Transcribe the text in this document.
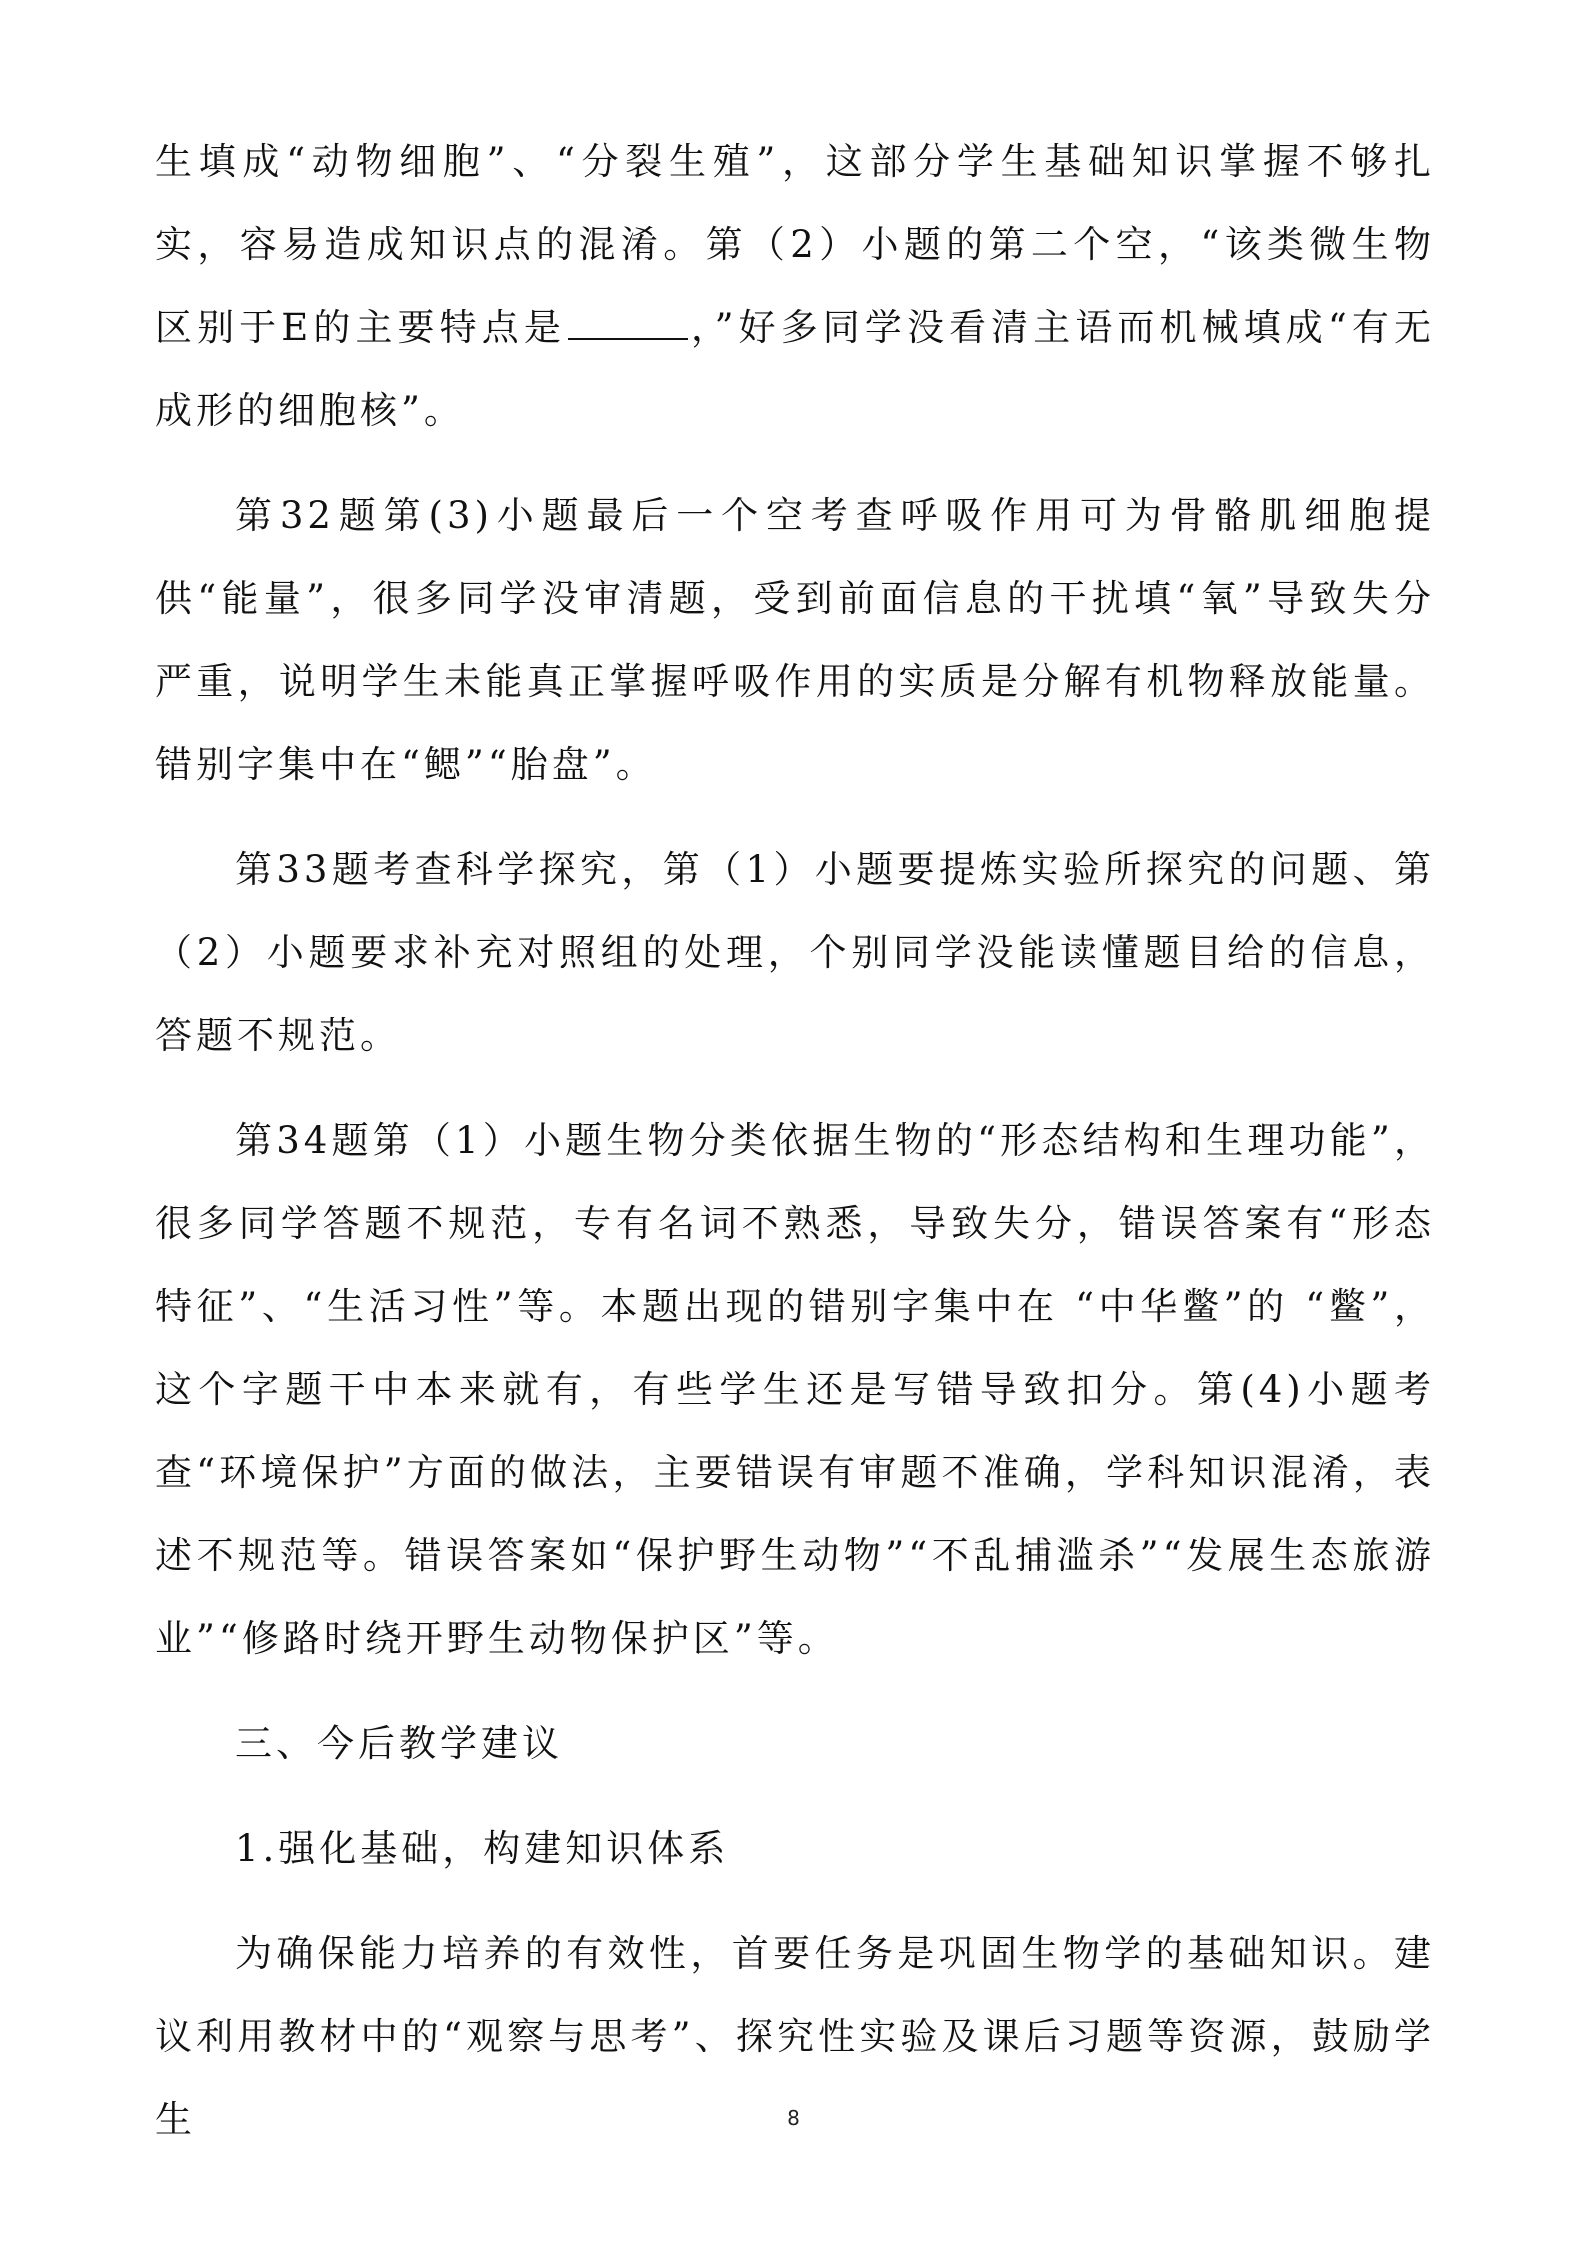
生填成“动物细胞”、“分裂生殖”，这部分学生基础知识掌握不够扎实，容易造成知识点的混淆。第（2）小题的第二个空，“该类微生物区别于E的主要特点是	，”好多同学没看清主语而机械填成“有无成形的细胞核”。

第32题第(3)小题最后一个空考查呼吸作用可为骨骼肌细胞提供“能量”，很多同学没审清题，受到前面信息的干扰填“氧”导致失分严重，说明学生未能真正掌握呼吸作用的实质是分解有机物释放能量。错别字集中在“鳃”“胎盘”。

第33题考查科学探究，第（1）小题要提炼实验所探究的问题、第（2）小题要求补充对照组的处理，个别同学没能读懂题目给的信息，答题不规范。

第34题第（1）小题生物分类依据生物的“形态结构和生理功能”，很多同学答题不规范，专有名词不熟悉，导致失分，错误答案有“形态特征”、“生活习性”等。本题出现的错别字集中在 “中华鳖”的 “鳖”，这个字题干中本来就有，有些学生还是写错导致扣分。第(4)小题考查“环境保护”方面的做法，主要错误有审题不准确，学科知识混淆，表述不规范等。错误答案如“保护野生动物”“不乱捕滥杀”“发展生态旅游业”“修路时绕开野生动物保护区”等。

三、今后教学建议

1.强化基础，构建知识体系

为确保能力培养的有效性，首要任务是巩固生物学的基础知识。建议利用教材中的“观察与思考”、探究性实验及课后习题等资源，鼓励学生	8
